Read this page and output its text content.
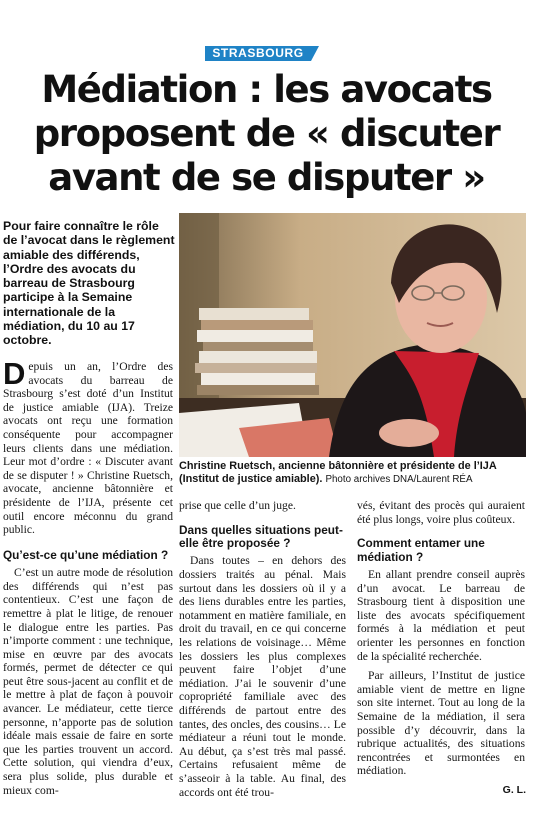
STRASBOURG
Médiation : les avocats
proposent de « discuter
avant de se disputer »
Pour faire connaître le rôle de l’avocat dans le règlement amiable des différends, l’Ordre des avocats du barreau de Strasbourg participe à la Semaine internationale de la médiation, du 10 au 17 octobre.
Christine Ruetsch, ancienne bâtonnière et présidente de l’IJA (Institut de justice amiable). Photo archives DNA/Laurent RÉA

Depuis un an, l’Ordre des avocats du barreau de Strasbourg s’est doté d’un Institut de justice amiable (IJA). Treize avocats ont reçu une formation conséquente pour accompagner leurs clients dans une médiation. Leur mot d’ordre : « Discuter avant de se disputer ! » Christine Ruetsch, avocate, ancienne bâtonnière et présidente de l’IJA, présente cet outil encore méconnu du grand public.

Qu’est-ce qu’une médiation ?

C’est un autre mode de résolution des différends qui n’est pas contentieux. C’est une façon de remettre à plat le litige, de renouer le dialogue entre les parties. Pas n’importe comment : une technique, mise en œuvre par des avocats formés, permet de détecter ce qui peut être sous-jacent au conflit et de le mettre à plat de façon à pouvoir avancer. Le médiateur, cette tierce personne, n’apporte pas de solution idéale mais essaie de faire en sorte que les parties trouvent un accord. Cette solution, qui viendra d’eux, sera plus solide, plus durable et mieux com-

prise que celle d’un juge.

Dans quelles situations peut-elle être proposée ?

Dans toutes – en dehors des dossiers traités au pénal. Mais surtout dans les dossiers où il y a des liens durables entre les parties, notamment en matière familiale, en droit du travail, en ce qui concerne les relations de voisinage… Même les dossiers les plus complexes peuvent faire l’objet d’une médiation. J’ai le souvenir d’une copropriété familiale avec des différends de partout entre des tantes, des oncles, des cousins… Le médiateur a réuni tout le monde. Au début, ça s’est très mal passé. Certains refusaient même de s’asseoir à la table. Au final, des accords ont été trou-

vés, évitant des procès qui auraient été plus longs, voire plus coûteux.

Comment entamer une médiation ?

En allant prendre conseil auprès d’un avocat. Le barreau de Strasbourg tient à disposition une liste des avocats spécifiquement formés à la médiation et peut orienter les personnes en fonction de la spécialité recherchée.

Par ailleurs, l’Institut de justice amiable vient de mettre en ligne son site internet. Tout au long de la Semaine de la médiation, il sera possible d’y découvrir, dans la rubrique actualités, des situations rencontrées et surmontées en médiation.

G. L.
